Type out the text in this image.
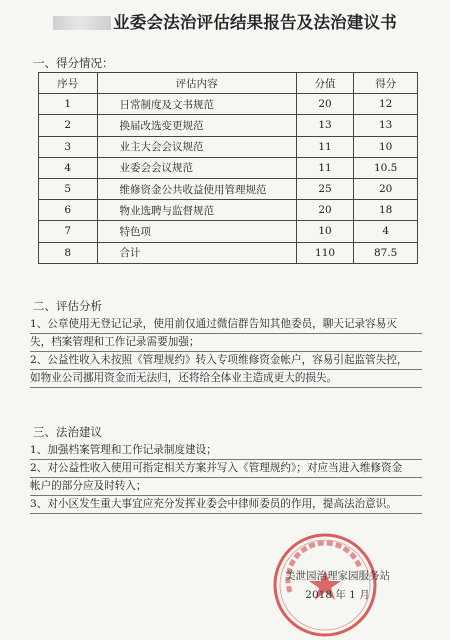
业委会法治评估结果报告及法治建议书
一、得分情况：
序号	评估内容	分值	得分
1	日常制度及文书规范	20	12
2	换届改选变更规范	13	13
3	业主大会会议规范	11	10
4	业委会会议规范	11	10.5
5	维修资金公共收益使用管理规范	25	20
6	物业选聘与监督规范	20	18
7	特色项	10	4
8	合计	110	87.5
二、评估分析
1、公章使用无登记记录，使用前仅通过微信群告知其他委员，聊天记录容易灭
失，档案管理和工作记录需要加强；
2、公益性收入未按照《管理规约》转入专项维修资金帐户，容易引起监管失控，
如物业公司挪用资金而无法归，还将给全体业主造成更大的损失。
三、法治建议
1、加强档案管理和工作记录制度建设；
2、对公益性收入使用可指定相关方案并写入《管理规约》；对应当进入维修资金
帐户的部分应及时转入；
3、对小区发生重大事宜应充分发挥业委会中律师委员的作用，提高法治意识。
美泄园治理家园服务站
2018 年 1 月
